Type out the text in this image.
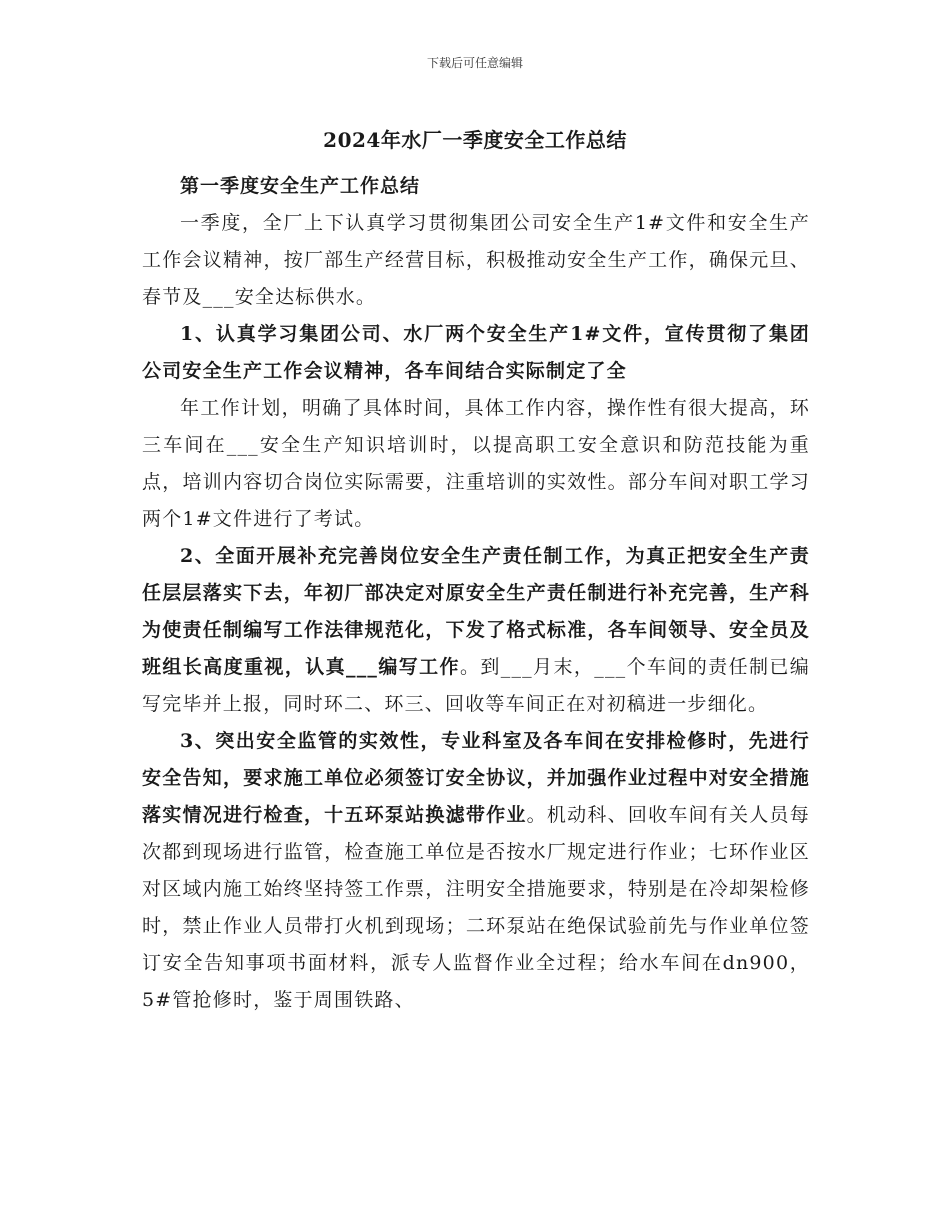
下载后可任意编辑
2024年水厂一季度安全工作总结

第一季度安全生产工作总结

一季度，全厂上下认真学习贯彻集团公司安全生产1#文件和安全生产工作会议精神，按厂部生产经营目标，积极推动安全生产工作，确保元旦、春节及___安全达标供水。

1、认真学习集团公司、水厂两个安全生产1#文件，宣传贯彻了集团公司安全生产工作会议精神，各车间结合实际制定了全

年工作计划，明确了具体时间，具体工作内容，操作性有很大提高，环三车间在___安全生产知识培训时，以提高职工安全意识和防范技能为重点，培训内容切合岗位实际需要，注重培训的实效性。部分车间对职工学习两个1#文件进行了考试。

2、全面开展补充完善岗位安全生产责任制工作，为真正把安全生产责任层层落实下去，年初厂部决定对原安全生产责任制进行补充完善，生产科为使责任制编写工作法律规范化，下发了格式标准，各车间领导、安全员及班组长高度重视，认真___编写工作。到___月末，___个车间的责任制已编写完毕并上报，同时环二、环三、回收等车间正在对初稿进一步细化。

3、突出安全监管的实效性，专业科室及各车间在安排检修时，先进行安全告知，要求施工单位必须签订安全协议，并加强作业过程中对安全措施落实情况进行检查，十五环泵站换滤带作业。机动科、回收车间有关人员每次都到现场进行监管，检查施工单位是否按水厂规定进行作业；七环作业区对区域内施工始终坚持签工作票，注明安全措施要求，特别是在冷却架检修时，禁止作业人员带打火机到现场；二环泵站在绝保试验前先与作业单位签订安全告知事项书面材料，派专人监督作业全过程；给水车间在dn900，5#管抢修时，鉴于周围铁路、
